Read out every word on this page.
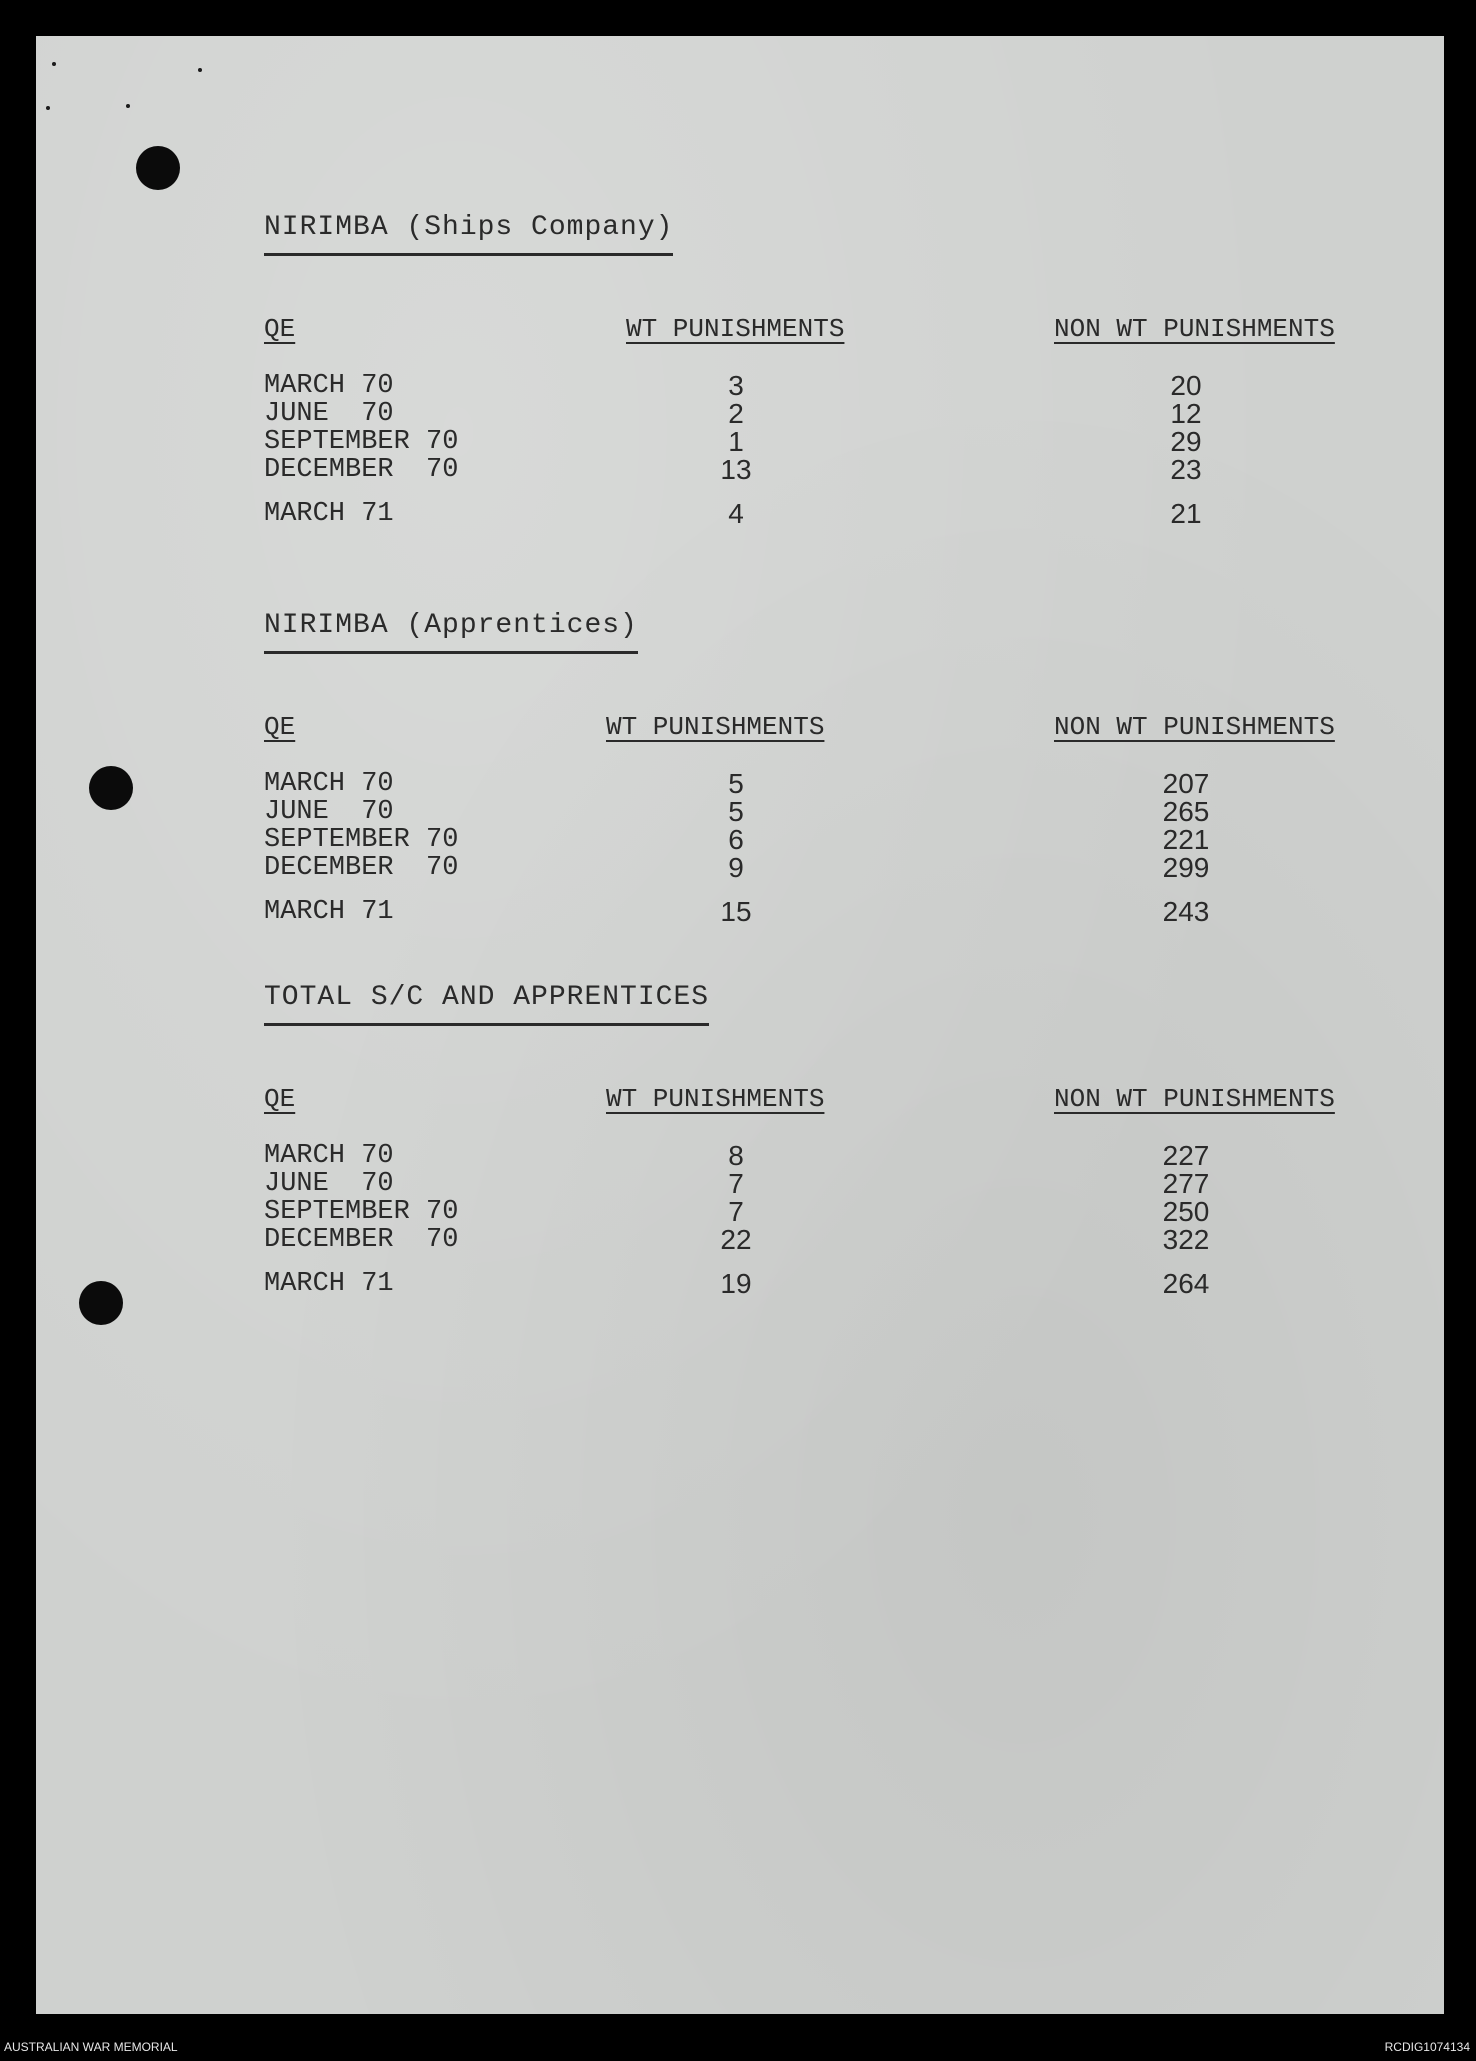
NIRIMBA (Ships Company)
QE	WT PUNISHMENTS	NON WT PUNISHMENTS
MARCH 70	3	20
JUNE  70	2	12
SEPTEMBER 70	1	29
DECEMBER  70	13	23
MARCH 71	4	21
NIRIMBA (Apprentices)
QE	WT PUNISHMENTS	NON WT PUNISHMENTS
MARCH 70	5	207
JUNE  70	5	265
SEPTEMBER 70	6	221
DECEMBER  70	9	299
MARCH 71	15	243
TOTAL S/C AND APPRENTICES
QE	WT PUNISHMENTS	NON WT PUNISHMENTS
MARCH 70	8	227
JUNE  70	7	277
SEPTEMBER 70	7	250
DECEMBER  70	22	322
MARCH 71	19	264
AUSTRALIAN WAR MEMORIAL	RCDIG1074134
